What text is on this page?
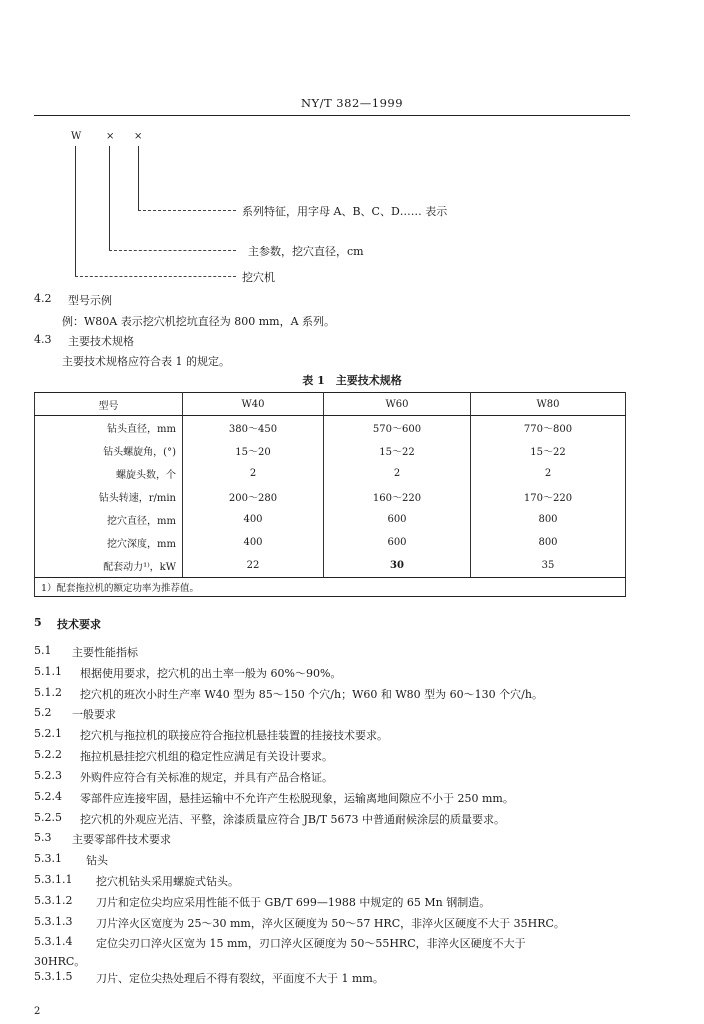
NY/T 382—1999
W × ×
系列特征，用字母 A、B、C、D…… 表示
主参数，挖穴直径，cm
挖穴机
4.2 型号示例
例：W80A 表示挖穴机挖坑直径为 800 mm，A 系列。
4.3 主要技术规格
主要技术规格应符合表 1 的规定。
表 1　主要技术规格
型号	W40	W60	W80
钻头直径，mm	380～450	570～600	770～800
钻头螺旋角，(°)	15～20	15～22	15～22
螺旋头数，个	2	2	2
钻头转速，r/min	200～280	160～220	170～220
挖穴直径，mm	400	600	800
挖穴深度，mm	400	600	800
配套动力¹⁾，kW	22	30	35
1）配套拖拉机的额定功率为推荐值。			
5 技术要求
5.1 主要性能指标
5.1.1 根据使用要求，挖穴机的出土率一般为 60%～90%。
5.1.2 挖穴机的班次小时生产率 W40 型为 85～150 个穴/h；W60 和 W80 型为 60～130 个穴/h。
5.2 一般要求
5.2.1 挖穴机与拖拉机的联接应符合拖拉机悬挂装置的挂接技术要求。
5.2.2 拖拉机悬挂挖穴机组的稳定性应满足有关设计要求。
5.2.3 外购件应符合有关标准的规定，并具有产品合格证。
5.2.4 零部件应连接牢固，悬挂运输中不允许产生松脱现象，运输离地间隙应不小于 250 mm。
5.2.5 挖穴机的外观应光洁、平整，涂漆质量应符合 JB/T 5673 中普通耐候涂层的质量要求。
5.3 主要零部件技术要求
5.3.1 钻头
5.3.1.1 挖穴机钻头采用螺旋式钻头。
5.3.1.2 刀片和定位尖均应采用性能不低于 GB/T 699—1988 中规定的 65 Mn 钢制造。
5.3.1.3 刀片淬火区宽度为 25～30 mm，淬火区硬度为 50～57 HRC，非淬火区硬度不大于 35HRC。
5.3.1.4 定位尖刃口淬火区宽为 15 mm，刃口淬火区硬度为 50～55HRC，非淬火区硬度不大于
30HRC。
5.3.1.5 刀片、定位尖热处理后不得有裂纹，平面度不大于 1 mm。
2
